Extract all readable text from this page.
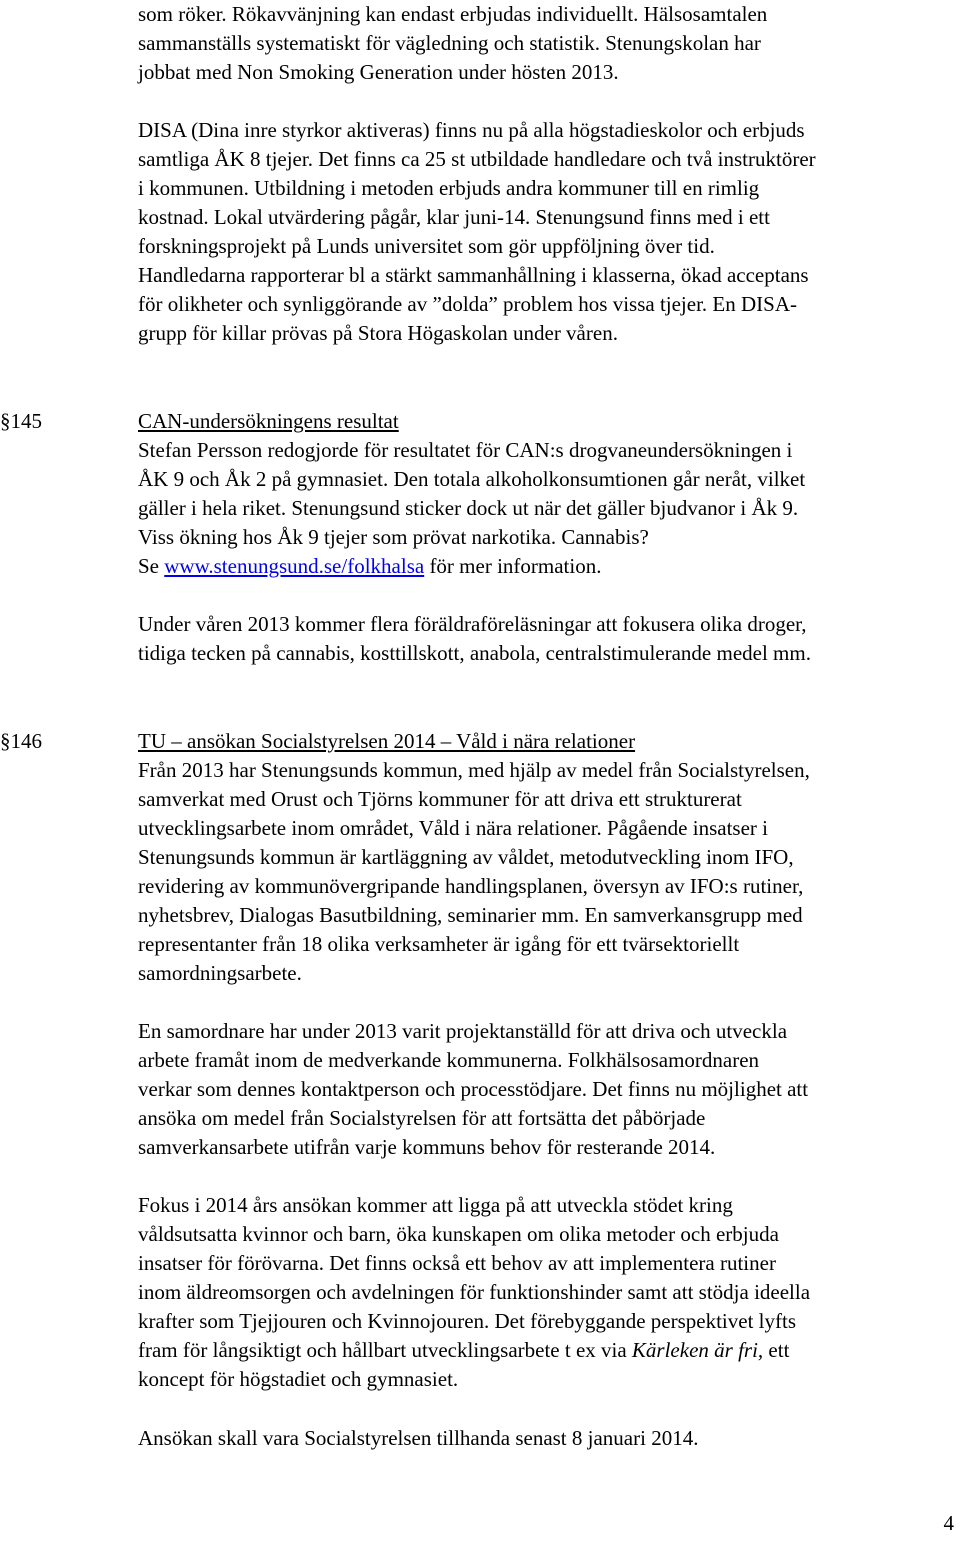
som röker. Rökavvänjning kan endast erbjudas individuellt. Hälsosamtalen
sammanställs systematiskt för vägledning och statistik. Stenungskolan har
jobbat med Non Smoking Generation under hösten 2013.
DISA (Dina inre styrkor aktiveras) finns nu på alla högstadieskolor och erbjuds
samtliga ÅK 8 tjejer. Det finns ca 25 st utbildade handledare och två instruktörer
i kommunen. Utbildning i metoden erbjuds andra kommuner till en rimlig
kostnad. Lokal utvärdering pågår, klar juni-14. Stenungsund finns med i ett
forskningsprojekt på Lunds universitet som gör uppföljning över tid.
Handledarna rapporterar bl a stärkt sammanhållning i klasserna, ökad acceptans
för olikheter och synliggörande av ”dolda” problem hos vissa tjejer. En DISA-
grupp för killar prövas på Stora Högaskolan under våren.
§145	CAN-undersökningens resultat

Stefan Persson redogjorde för resultatet för CAN:s drogvaneundersökningen i
ÅK 9 och Åk 2 på gymnasiet. Den totala alkoholkonsumtionen går neråt, vilket
gäller i hela riket. Stenungsund sticker dock ut när det gäller bjudvanor i Åk 9.
Viss ökning hos Åk 9 tjejer som prövat narkotika. Cannabis?
Se www.stenungsund.se/folkhalsa för mer information.
Under våren 2013 kommer flera föräldraföreläsningar att fokusera olika droger,
tidiga tecken på cannabis, kosttillskott, anabola, centralstimulerande medel mm.
§146	TU – ansökan Socialstyrelsen 2014 – Våld i nära relationer

Från 2013 har Stenungsunds kommun, med hjälp av medel från Socialstyrelsen,
samverkat med Orust och Tjörns kommuner för att driva ett strukturerat
utvecklingsarbete inom området, Våld i nära relationer. Pågående insatser i
Stenungsunds kommun är kartläggning av våldet, metodutveckling inom IFO,
revidering av kommunövergripande handlingsplanen, översyn av IFO:s rutiner,
nyhetsbrev, Dialogas Basutbildning, seminarier mm. En samverkansgrupp med
representanter från 18 olika verksamheter är igång för ett tvärsektoriellt
samordningsarbete.
En samordnare har under 2013 varit projektanställd för att driva och utveckla
arbete framåt inom de medverkande kommunerna. Folkhälsosamordnaren
verkar som dennes kontaktperson och processtödjare. Det finns nu möjlighet att
ansöka om medel från Socialstyrelsen för att fortsätta det påbörjade
samverkansarbete utifrån varje kommuns behov för resterande 2014.
Fokus i 2014 års ansökan kommer att ligga på att utveckla stödet kring
våldsutsatta kvinnor och barn, öka kunskapen om olika metoder och erbjuda
insatser för förövarna. Det finns också ett behov av att implementera rutiner
inom äldreomsorgen och avdelningen för funktionshinder samt att stödja ideella
krafter som Tjejjouren och Kvinnojouren. Det förebyggande perspektivet lyfts
fram för långsiktigt och hållbart utvecklingsarbete t ex via Kärleken är fri, ett
koncept för högstadiet och gymnasiet.
Ansökan skall vara Socialstyrelsen tillhanda senast 8 januari 2014.
4
